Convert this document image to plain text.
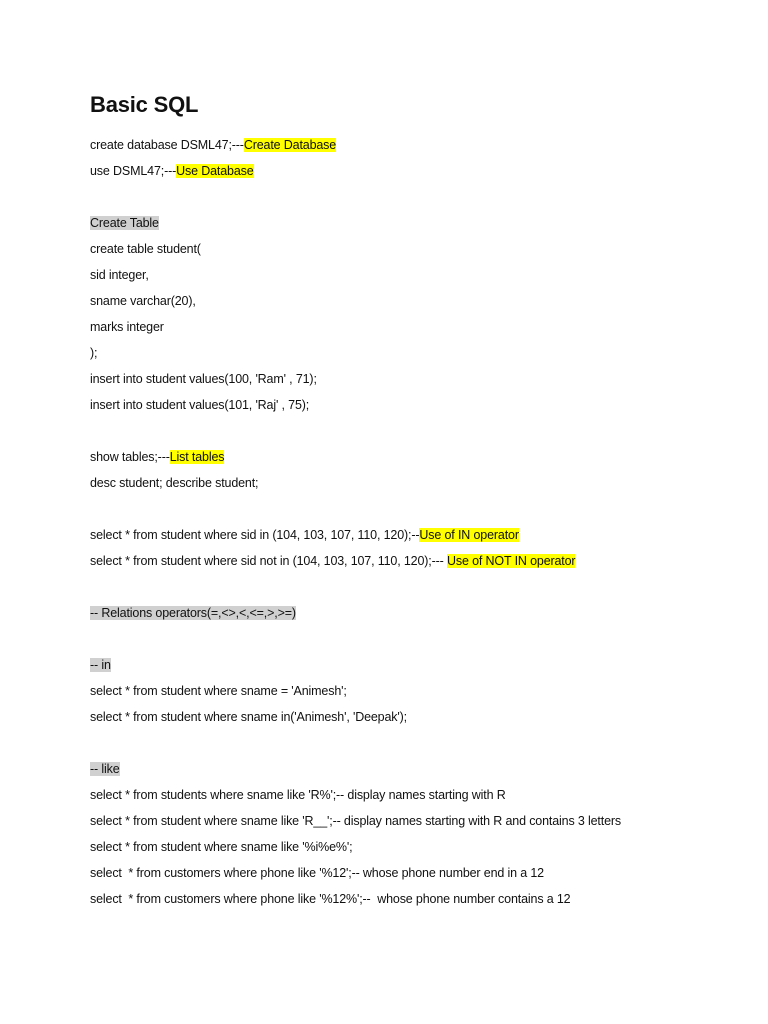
Basic SQL
create database DSML47;---Create Database
use DSML47;---Use Database
Create Table
create table student(
sid integer,
sname varchar(20),
marks integer
);
insert into student values(100, 'Ram' , 71);
insert into student values(101, 'Raj' , 75);
show tables;---List tables
desc student; describe student;
select * from student where sid in (104, 103, 107, 110, 120);--Use of IN operator
select * from student where sid not in (104, 103, 107, 110, 120);--- Use of NOT IN operator
-- Relations operators(=,<>,<,<=,>,>=)
-- in
select * from student where sname = 'Animesh';
select * from student where sname in('Animesh', 'Deepak');
-- like
select * from students where sname like 'R%';-- display names starting with R
select * from student where sname like 'R__';-- display names starting with R and contains 3 letters
select * from student where sname like '%i%e%';
select  * from customers where phone like '%12';-- whose phone number end in a 12
select  * from customers where phone like '%12%';--  whose phone number contains a 12
